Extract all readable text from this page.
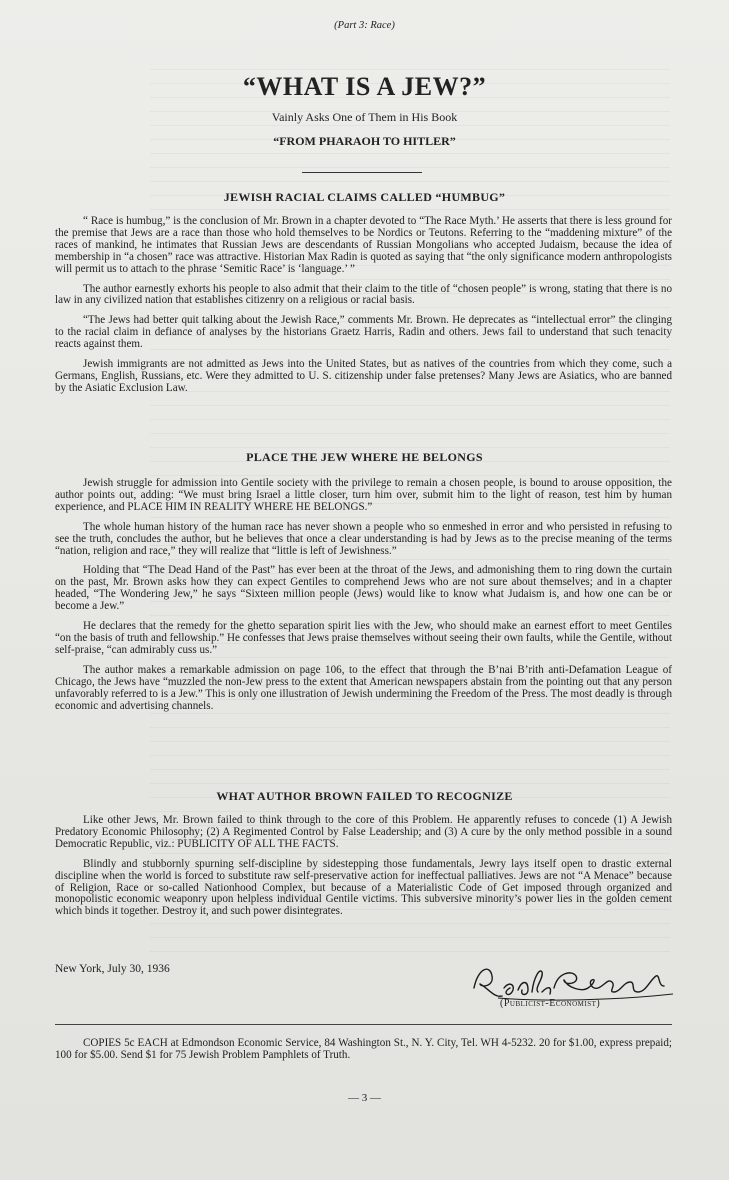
(Part 3: Race)
“WHAT IS A JEW?”
Vainly Asks One of Them in His Book
“FROM PHARAOH TO HITLER”
JEWISH RACIAL CLAIMS CALLED “HUMBUG”

“ Race is humbug,” is the conclusion of Mr. Brown in a chapter devoted to “The Race Myth.’ He asserts that there is less ground for the premise that Jews are a race than those who hold themselves to be Nordics or Teutons. Referring to the “maddening mixture” of the races of mankind, he intimates that Russian Jews are descendants of Russian Mongolians who accepted Judaism, because the idea of membership in “a chosen” race was attractive. Historian Max Radin is quoted as saying that “the only significance modern anthropologists will permit us to attach to the phrase ‘Semitic Race’ is ‘language.’ ”

The author earnestly exhorts his people to also admit that their claim to the title of “chosen people” is wrong, stating that there is no law in any civilized nation that establishes citizenry on a religious or racial basis.

“The Jews had better quit talking about the Jewish Race,” comments Mr. Brown. He deprecates as “intellectual error” the clinging to the racial claim in defiance of analyses by the historians Graetz Harris, Radin and others. Jews fail to understand that such tenacity reacts against them.

Jewish immigrants are not admitted as Jews into the United States, but as natives of the countries from which they come, such a Germans, English, Russians, etc. Were they admitted to U. S. citizenship under false pretenses? Many Jews are Asiatics, who are banned by the Asiatic Exclusion Law.

PLACE THE JEW WHERE HE BELONGS

Jewish struggle for admission into Gentile society with the privilege to remain a chosen people, is bound to arouse opposition, the author points out, adding: “We must bring Israel a little closer, turn him over, submit him to the light of reason, test him by human experience, and PLACE HIM IN REALITY WHERE HE BELONGS.”

The whole human history of the human race has never shown a people who so enmeshed in error and who persisted in refusing to see the truth, concludes the author, but he believes that once a clear understanding is had by Jews as to the precise meaning of the terms “nation, religion and race,” they will realize that “little is left of Jewishness.”

Holding that “The Dead Hand of the Past” has ever been at the throat of the Jews, and admonishing them to ring down the curtain on the past, Mr. Brown asks how they can expect Gentiles to comprehend Jews who are not sure about themselves; and in a chapter headed, “The Wondering Jew,” he says “Sixteen million people (Jews) would like to know what Judaism is, and how one can be or become a Jew.”

He declares that the remedy for the ghetto separation spirit lies with the Jew, who should make an earnest effort to meet Gentiles “on the basis of truth and fellowship.” He confesses that Jews praise themselves without seeing their own faults, while the Gentile, without self-praise, “can admirably cuss us.”

The author makes a remarkable admission on page 106, to the effect that through the B’nai B’rith anti-Defamation League of Chicago, the Jews have “muzzled the non-Jew press to the extent that American newspapers abstain from the pointing out that any person unfavorably referred to is a Jew.” This is only one illustration of Jewish undermining the Freedom of the Press. The most deadly is through economic and advertising channels.

WHAT AUTHOR BROWN FAILED TO RECOGNIZE

Like other Jews, Mr. Brown failed to think through to the core of this Problem. He apparently refuses to concede (1) A Jewish Predatory Economic Philosophy; (2) A Regimented Control by False Leadership; and (3) A cure by the only method possible in a sound Democratic Republic, viz.: PUBLICITY OF ALL THE FACTS.

Blindly and stubbornly spurning self-discipline by sidestepping those fundamentals, Jewry lays itself open to drastic external discipline when the world is forced to substitute raw self-preservative action for ineffectual palliatives. Jews are not “A Menace” because of Religion, Race or so-called Nationhood Complex, but because of a Materialistic Code of Get imposed through organized and monopolistic economic weaponry upon helpless individual Gentile victims. This subversive minority’s power lies in the golden cement which binds it together. Destroy it, and such power disintegrates.

New York, July 30, 1936
(Publicist-Economist)

COPIES 5c EACH at Edmondson Economic Service, 84 Washington St., N. Y. City, Tel. WH 4-5232. 20 for $1.00, express prepaid; 100 for $5.00. Send $1 for 75 Jewish Problem Pamphlets of Truth.

— 3 —
